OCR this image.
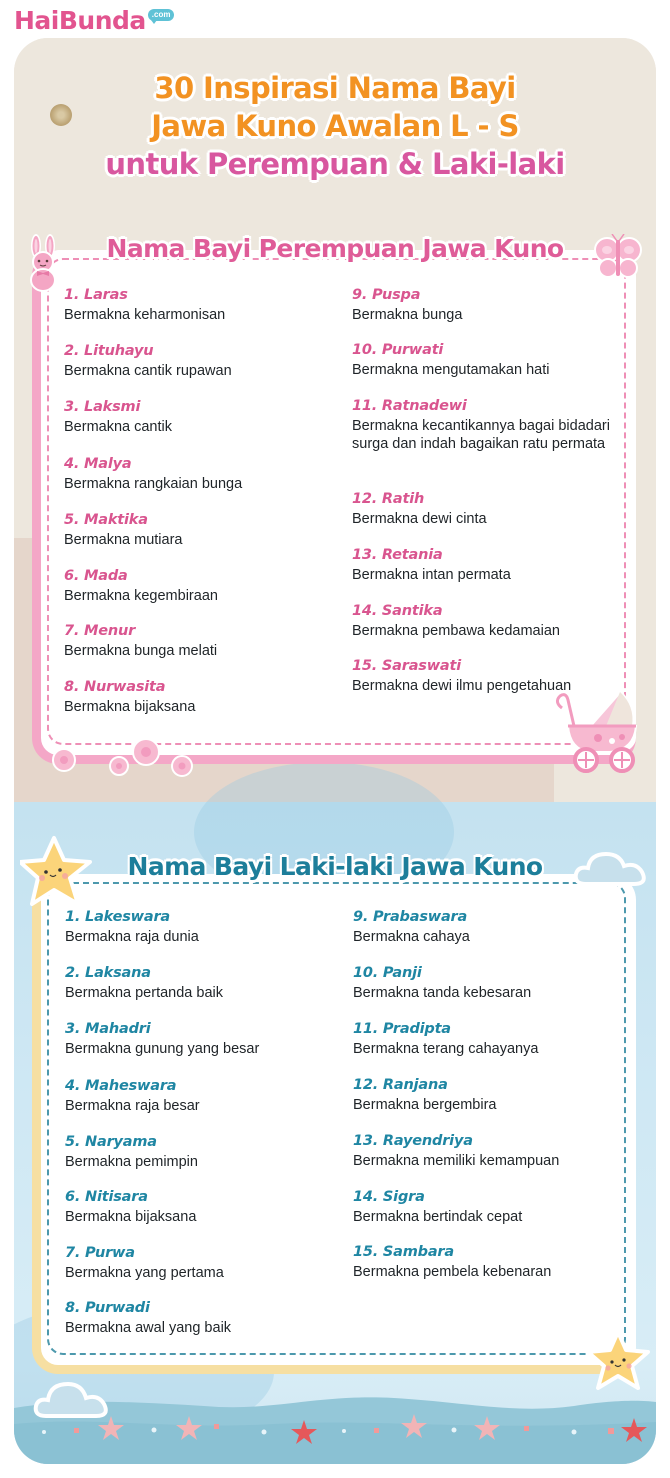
HaiBunda .com
30 Inspirasi Nama Bayi
Jawa Kuno Awalan L - S
untuk Perempuan & Laki-laki
Nama Bayi Perempuan Jawa Kuno
1. Laras
Bermakna keharmonisan
2. Lituhayu
Bermakna cantik rupawan
3. Laksmi
Bermakna cantik
4. Malya
Bermakna rangkaian bunga
5. Maktika
Bermakna mutiara
6. Mada
Bermakna kegembiraan
7. Menur
Bermakna bunga melati
8. Nurwasita
Bermakna bijaksana
9. Puspa
Bermakna bunga
10. Purwati
Bermakna mengutamakan hati
11. Ratnadewi
Bermakna kecantikannya bagai bidadari surga dan indah bagaikan ratu permata
12. Ratih
Bermakna dewi cinta
13. Retania
Bermakna intan permata
14. Santika
Bermakna pembawa kedamaian
15. Saraswati
Bermakna dewi ilmu pengetahuan
Nama Bayi Laki-laki Jawa Kuno
1. Lakeswara
Bermakna raja dunia
2. Laksana
Bermakna pertanda baik
3. Mahadri
Bermakna gunung yang besar
4. Maheswara
Bermakna raja besar
5. Naryama
Bermakna pemimpin
6. Nitisara
Bermakna bijaksana
7. Purwa
Bermakna yang pertama
8. Purwadi
Bermakna awal yang baik
9. Prabaswara
Bermakna cahaya
10. Panji
Bermakna tanda kebesaran
11. Pradipta
Bermakna terang cahayanya
12. Ranjana
Bermakna bergembira
13. Rayendriya
Bermakna memiliki kemampuan
14. Sigra
Bermakna bertindak cepat
15. Sambara
Bermakna pembela kebenaran
